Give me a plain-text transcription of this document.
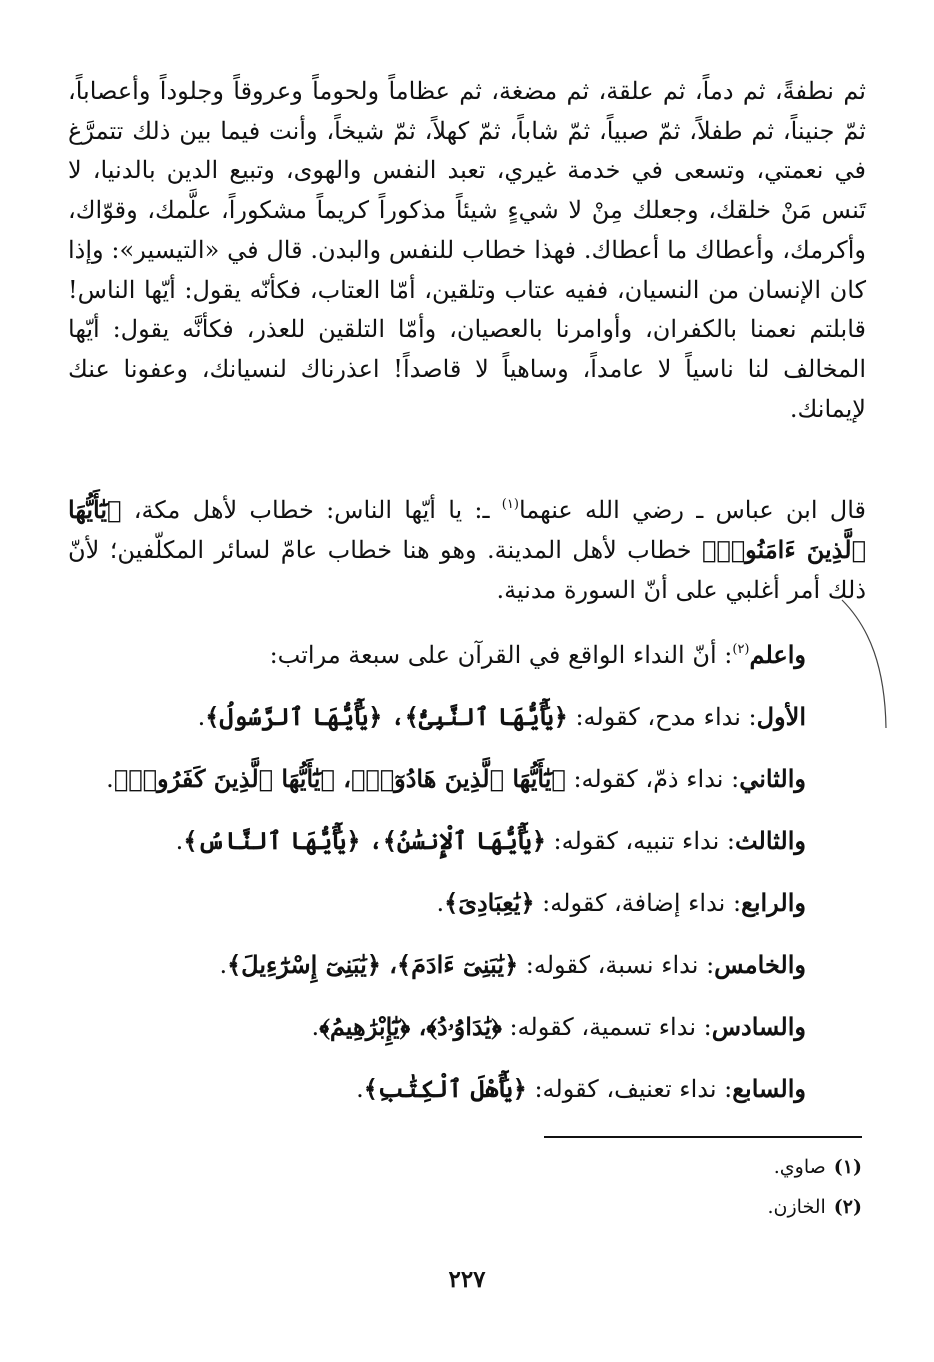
ثم نطفةً، ثم دماً، ثم علقة، ثم مضغة، ثم عظاماً ولحوماً وعروقاً وجلوداً وأعصاباً، ثمّ جنيناً، ثم طفلاً، ثمّ صبياً، ثمّ شاباً، ثمّ كهلاً، ثمّ شيخاً، وأنت فيما بين ذلك تتمرَّغ في نعمتي، وتسعى في خدمة غيري، تعبد النفس والهوى، وتبيع الدين بالدنيا، لا تَنس مَنْ خلقك، وجعلك مِنْ لا شيءٍ شيئاً مذكوراً كريماً مشكوراً، علَّمك، وقوّاك، وأكرمك، وأعطاك ما أعطاك. فهذا خطاب للنفس والبدن. قال في «التيسير»: وإذا كان الإنسان من النسيان، ففيه عتاب وتلقين، أمّا العتاب، فكأنّه يقول: أيّها الناس! قابلتم نعمنا بالكفران، وأوامرنا بالعصيان، وأمّا التلقين للعذر، فكأنَّه يقول: أيّها المخالف لنا ناسياً لا عامداً، وساهياً لا قاصداً! اعذرناك لنسيانك، وعفونا عنك لإيمانك.
قال ابن عباس ـ رضي الله عنهما$^{(١)}$ ـ: يا أيّها الناس: خطاب لأهل مكة، ﴿يَٰٓأَيُّهَا ٱلَّذِينَ ءَامَنُوا۟﴾ خطاب لأهل المدينة. وهو هنا خطاب عامّ لسائر المكلّفين؛ لأنّ ذلك أمر أغلبي على أنّ السورة مدنية.
واعلم$^{(٢)}$: أنّ النداء الواقع في القرآن على سبعة مراتب:
الأول: نداء مدح، كقوله: ﴿يَٰٓأَيُّهَا ٱلنَّبِىُّ﴾، ﴿يَٰٓأَيُّهَا ٱلرَّسُولُ﴾.
والثاني: نداء ذمّ، كقوله: ﴿يَٰٓأَيُّهَا ٱلَّذِينَ هَادُوٓا۟﴾، ﴿يَٰٓأَيُّهَا ٱلَّذِينَ كَفَرُوا۟﴾.
والثالث: نداء تنبيه، كقوله: ﴿يَٰٓأَيُّهَا ٱلْإِنسَٰنُ﴾، ﴿يَٰٓأَيُّهَا ٱلنَّاسُ﴾.
والرابع: نداء إضافة، كقوله: ﴿يَٰعِبَادِىَ﴾.
والخامس: نداء نسبة، كقوله: ﴿يَٰبَنِىٓ ءَادَمَ﴾، ﴿يَٰبَنِىٓ إِسْرَٰٓءِيلَ﴾.
والسادس: نداء تسمية، كقوله: ﴿يَٰدَاوُۥدُ﴾، ﴿يَٰٓإِبْرَٰهِيمُ﴾.
والسابع: نداء تعنيف، كقوله: ﴿يَٰٓأَهْلَ ٱلْكِتَٰبِ﴾.
(١)صاوي.
(٢)الخازن.
٢٢٧
